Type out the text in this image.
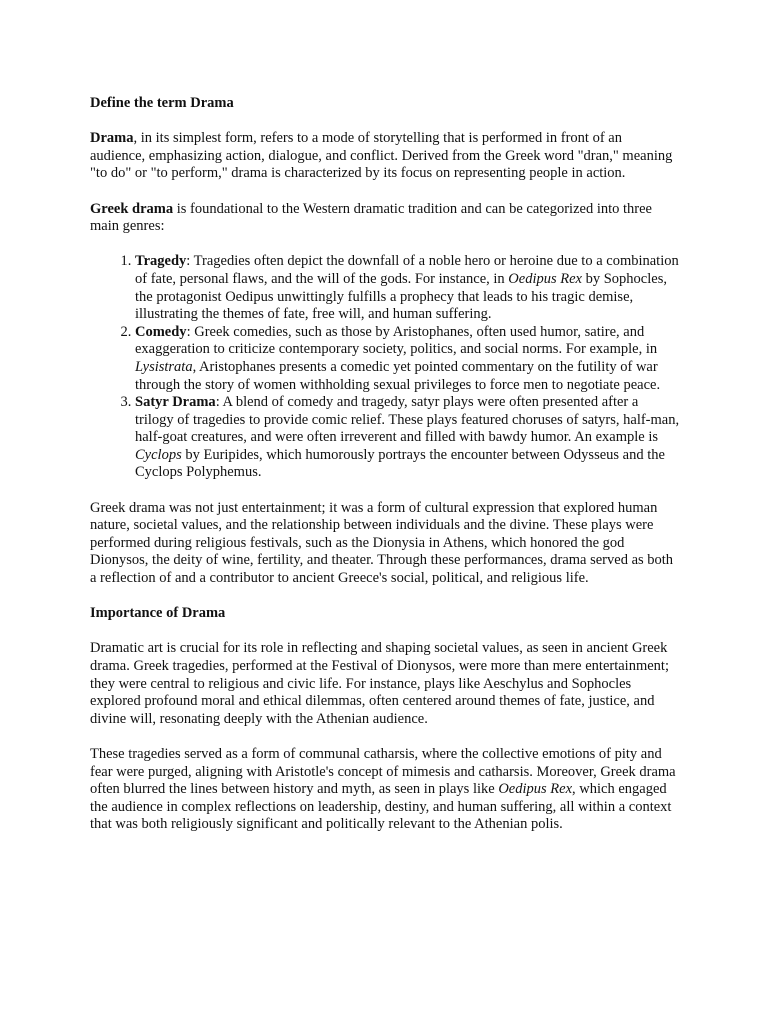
Define the term Drama

Drama, in its simplest form, refers to a mode of storytelling that is performed in front of an audience, emphasizing action, dialogue, and conflict. Derived from the Greek word "dran," meaning "to do" or "to perform," drama is characterized by its focus on representing people in action.

Greek drama is foundational to the Western dramatic tradition and can be categorized into three main genres:

1. Tragedy: Tragedies often depict the downfall of a noble hero or heroine due to a combination of fate, personal flaws, and the will of the gods. For instance, in Oedipus Rex by Sophocles, the protagonist Oedipus unwittingly fulfills a prophecy that leads to his tragic demise, illustrating the themes of fate, free will, and human suffering.
2. Comedy: Greek comedies, such as those by Aristophanes, often used humor, satire, and exaggeration to criticize contemporary society, politics, and social norms. For example, in Lysistrata, Aristophanes presents a comedic yet pointed commentary on the futility of war through the story of women withholding sexual privileges to force men to negotiate peace.
3. Satyr Drama: A blend of comedy and tragedy, satyr plays were often presented after a trilogy of tragedies to provide comic relief. These plays featured choruses of satyrs, half-man, half-goat creatures, and were often irreverent and filled with bawdy humor. An example is Cyclops by Euripides, which humorously portrays the encounter between Odysseus and the Cyclops Polyphemus.

Greek drama was not just entertainment; it was a form of cultural expression that explored human nature, societal values, and the relationship between individuals and the divine. These plays were performed during religious festivals, such as the Dionysia in Athens, which honored the god Dionysos, the deity of wine, fertility, and theater. Through these performances, drama served as both a reflection of and a contributor to ancient Greece's social, political, and religious life.

Importance of Drama

Dramatic art is crucial for its role in reflecting and shaping societal values, as seen in ancient Greek drama. Greek tragedies, performed at the Festival of Dionysos, were more than mere entertainment; they were central to religious and civic life. For instance, plays like Aeschylus and Sophocles explored profound moral and ethical dilemmas, often centered around themes of fate, justice, and divine will, resonating deeply with the Athenian audience.

These tragedies served as a form of communal catharsis, where the collective emotions of pity and fear were purged, aligning with Aristotle's concept of mimesis and catharsis. Moreover, Greek drama often blurred the lines between history and myth, as seen in plays like Oedipus Rex, which engaged the audience in complex reflections on leadership, destiny, and human suffering, all within a context that was both religiously significant and politically relevant to the Athenian polis.
